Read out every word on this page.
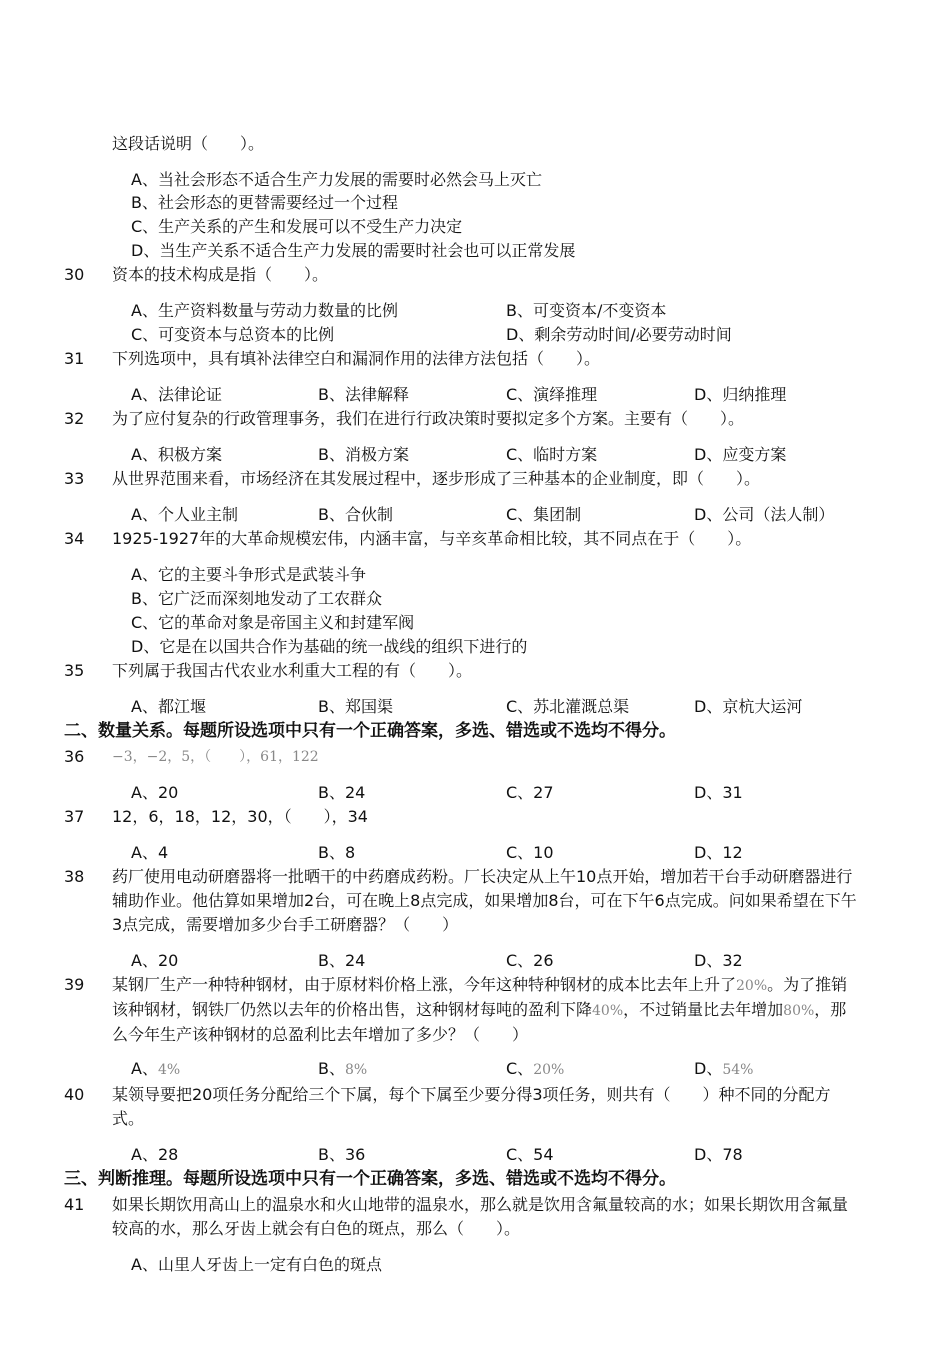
这段话说明（　　）。
A、当社会形态不适合生产力发展的需要时必然会马上灭亡
B、社会形态的更替需要经过一个过程
C、生产关系的产生和发展可以不受生产力决定
D、当生产关系不适合生产力发展的需要时社会也可以正常发展
30 资本的技术构成是指（　　）。
A、生产资料数量与劳动力数量的比例	B、可变资本/不变资本
C、可变资本与总资本的比例	D、剩余劳动时间/必要劳动时间
31 下列选项中，具有填补法律空白和漏洞作用的法律方法包括（　　）。
A、法律论证	B、法律解释	C、演绎推理	D、归纳推理
32 为了应付复杂的行政管理事务，我们在进行行政决策时要拟定多个方案。主要有（　　）。
A、积极方案	B、消极方案	C、临时方案	D、应变方案
33 从世界范围来看，市场经济在其发展过程中，逐步形成了三种基本的企业制度，即（　　）。
A、个人业主制	B、合伙制	C、集团制	D、公司（法人制）
34 1925-1927年的大革命规模宏伟，内涵丰富，与辛亥革命相比较，其不同点在于（　　）。
A、它的主要斗争形式是武装斗争
B、它广泛而深刻地发动了工农群众
C、它的革命对象是帝国主义和封建军阀
D、它是在以国共合作为基础的统一战线的组织下进行的
35 下列属于我国古代农业水利重大工程的有（　　）。
A、都江堰	B、郑国渠	C、苏北灌溉总渠	D、京杭大运河
二、数量关系。每题所设选项中只有一个正确答案，多选、错选或不选均不得分。
36 −3，−2，5，（　　），61，122
A、20	B、24	C、27	D、31
37 12，6，18，12，30，（　　），34
A、4	B、8	C、10	D、12
38 药厂使用电动研磨器将一批晒干的中药磨成药粉。厂长决定从上午10点开始，增加若干台手动研磨器进行辅助作业。他估算如果增加2台，可在晚上8点完成，如果增加8台，可在下午6点完成。问如果希望在下午3点完成，需要增加多少台手工研磨器？（　　）
A、20	B、24	C、26	D、32
39 某钢厂生产一种特种钢材，由于原材料价格上涨，今年这种特种钢材的成本比去年上升了20%。为了推销该种钢材，钢铁厂仍然以去年的价格出售，这种钢材每吨的盈利下降40%，不过销量比去年增加80%，那么今年生产该种钢材的总盈利比去年增加了多少？（　　）
A、4%	B、8%	C、20%	D、54%
40 某领导要把20项任务分配给三个下属，每个下属至少要分得3项任务，则共有（　　）种不同的分配方式。
A、28	B、36	C、54	D、78
三、判断推理。每题所设选项中只有一个正确答案，多选、错选或不选均不得分。
41 如果长期饮用高山上的温泉水和火山地带的温泉水，那么就是饮用含氟量较高的水；如果长期饮用含氟量较高的水，那么牙齿上就会有白色的斑点，那么（　　）。
A、山里人牙齿上一定有白色的斑点
